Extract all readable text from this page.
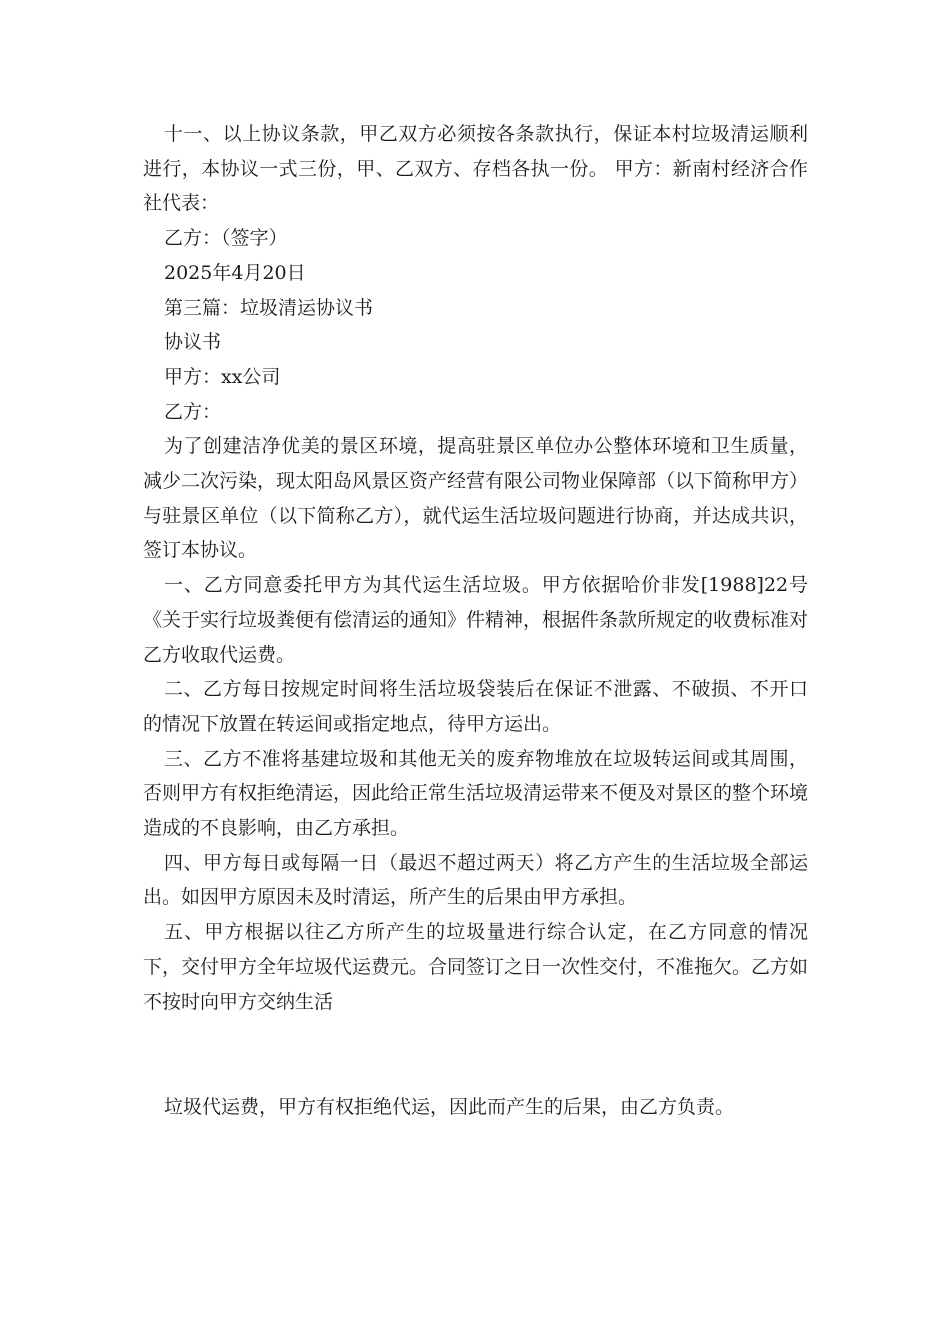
十一、以上协议条款，甲乙双方必须按各条款执行，保证本村垃圾清运顺利进行，本协议一式三份，甲、乙双方、存档各执一份。 甲方：新南村经济合作社代表：

乙方：（签字）

2025年4月20日

第三篇：垃圾清运协议书

协议书

甲方：xx公司

乙方：

为了创建洁净优美的景区环境，提高驻景区单位办公整体环境和卫生质量，减少二次污染，现太阳岛风景区资产经营有限公司物业保障部（以下简称甲方）与驻景区单位（以下简称乙方），就代运生活垃圾问题进行协商，并达成共识，签订本协议。

一、乙方同意委托甲方为其代运生活垃圾。甲方依据哈价非发[1988]22号《关于实行垃圾粪便有偿清运的通知》件精神，根据件条款所规定的收费标准对乙方收取代运费。

二、乙方每日按规定时间将生活垃圾袋装后在保证不泄露、不破损、不开口的情况下放置在转运间或指定地点，待甲方运出。

三、乙方不准将基建垃圾和其他无关的废弃物堆放在垃圾转运间或其周围，否则甲方有权拒绝清运，因此给正常生活垃圾清运带来不便及对景区的整个环境造成的不良影响，由乙方承担。

四、甲方每日或每隔一日（最迟不超过两天）将乙方产生的生活垃圾全部运出。如因甲方原因未及时清运，所产生的后果由甲方承担。

五、甲方根据以往乙方所产生的垃圾量进行综合认定，在乙方同意的情况下，交付甲方全年垃圾代运费元。合同签订之日一次性交付，不准拖欠。乙方如不按时向甲方交纳生活

垃圾代运费，甲方有权拒绝代运，因此而产生的后果，由乙方负责。
